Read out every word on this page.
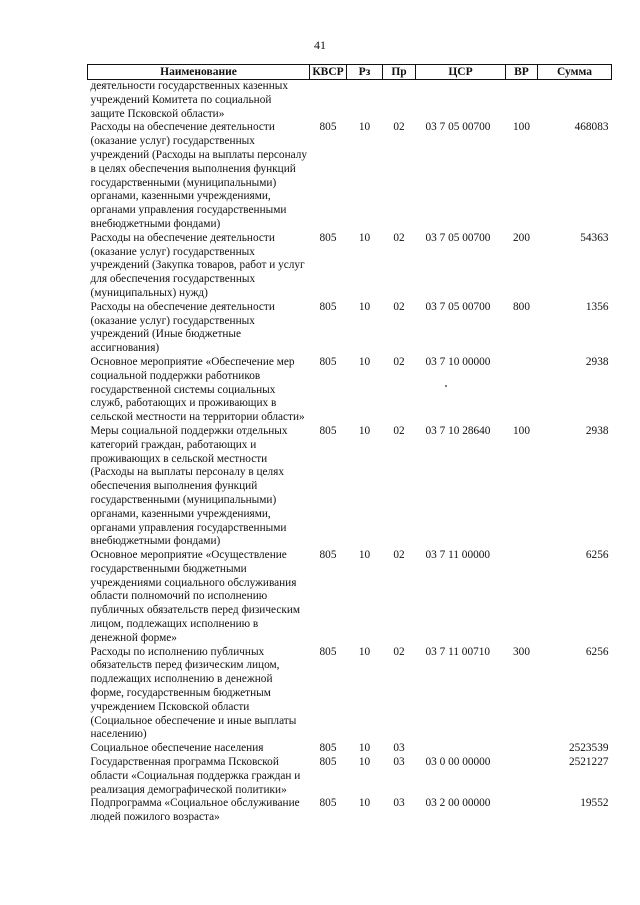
41
Наименование	КВСР	Рз	Пр	ЦСР	ВР	Сумма
деятельности государственных казенных учреждений Комитета по социальной защите Псковской области»						
Расходы на обеспечение деятельности (оказание услуг) государственных учреждений (Расходы на выплаты персоналу в целях обеспечения выполнения функций государственными (муниципальными) органами, казенными учреждениями, органами управления государственными внебюджетными фондами)	805	10	02	03 7 05 00700	100	468083
Расходы на обеспечение деятельности (оказание услуг) государственных учреждений (Закупка товаров, работ и услуг для обеспечения государственных (муниципальных) нужд)	805	10	02	03 7 05 00700	200	54363
Расходы на обеспечение деятельности (оказание услуг) государственных учреждений (Иные бюджетные ассигнования)	805	10	02	03 7 05 00700	800	1356
Основное мероприятие «Обеспечение мер социальной поддержки работников государственной системы социальных служб, работающих и проживающих в сельской местности на территории области»	805	10	02	03 7 10 00000		2938
Меры социальной поддержки отдельных категорий граждан, работающих и проживающих в сельской местности (Расходы на выплаты персоналу в целях обеспечения выполнения функций государственными (муниципальными) органами, казенными учреждениями, органами управления государственными внебюджетными фондами)	805	10	02	03 7 10 28640	100	2938
Основное мероприятие «Осуществление государственными бюджетными учреждениями социального обслуживания области полномочий по исполнению публичных обязательств перед физическим лицом, подлежащих исполнению в денежной форме»	805	10	02	03 7 11 00000		6256
Расходы по исполнению публичных обязательств перед физическим лицом, подлежащих исполнению в денежной форме, государственным бюджетным учреждением Псковской области (Социальное обеспечение и иные выплаты населению)	805	10	02	03 7 11 00710	300	6256
Социальное обеспечение населения	805	10	03			2523539
Государственная программа Псковской области «Социальная поддержка граждан и реализация демографической политики»	805	10	03	03 0 00 00000		2521227
Подпрограмма «Социальное обслуживание людей пожилого возраста»	805	10	03	03 2 00 00000		19552
